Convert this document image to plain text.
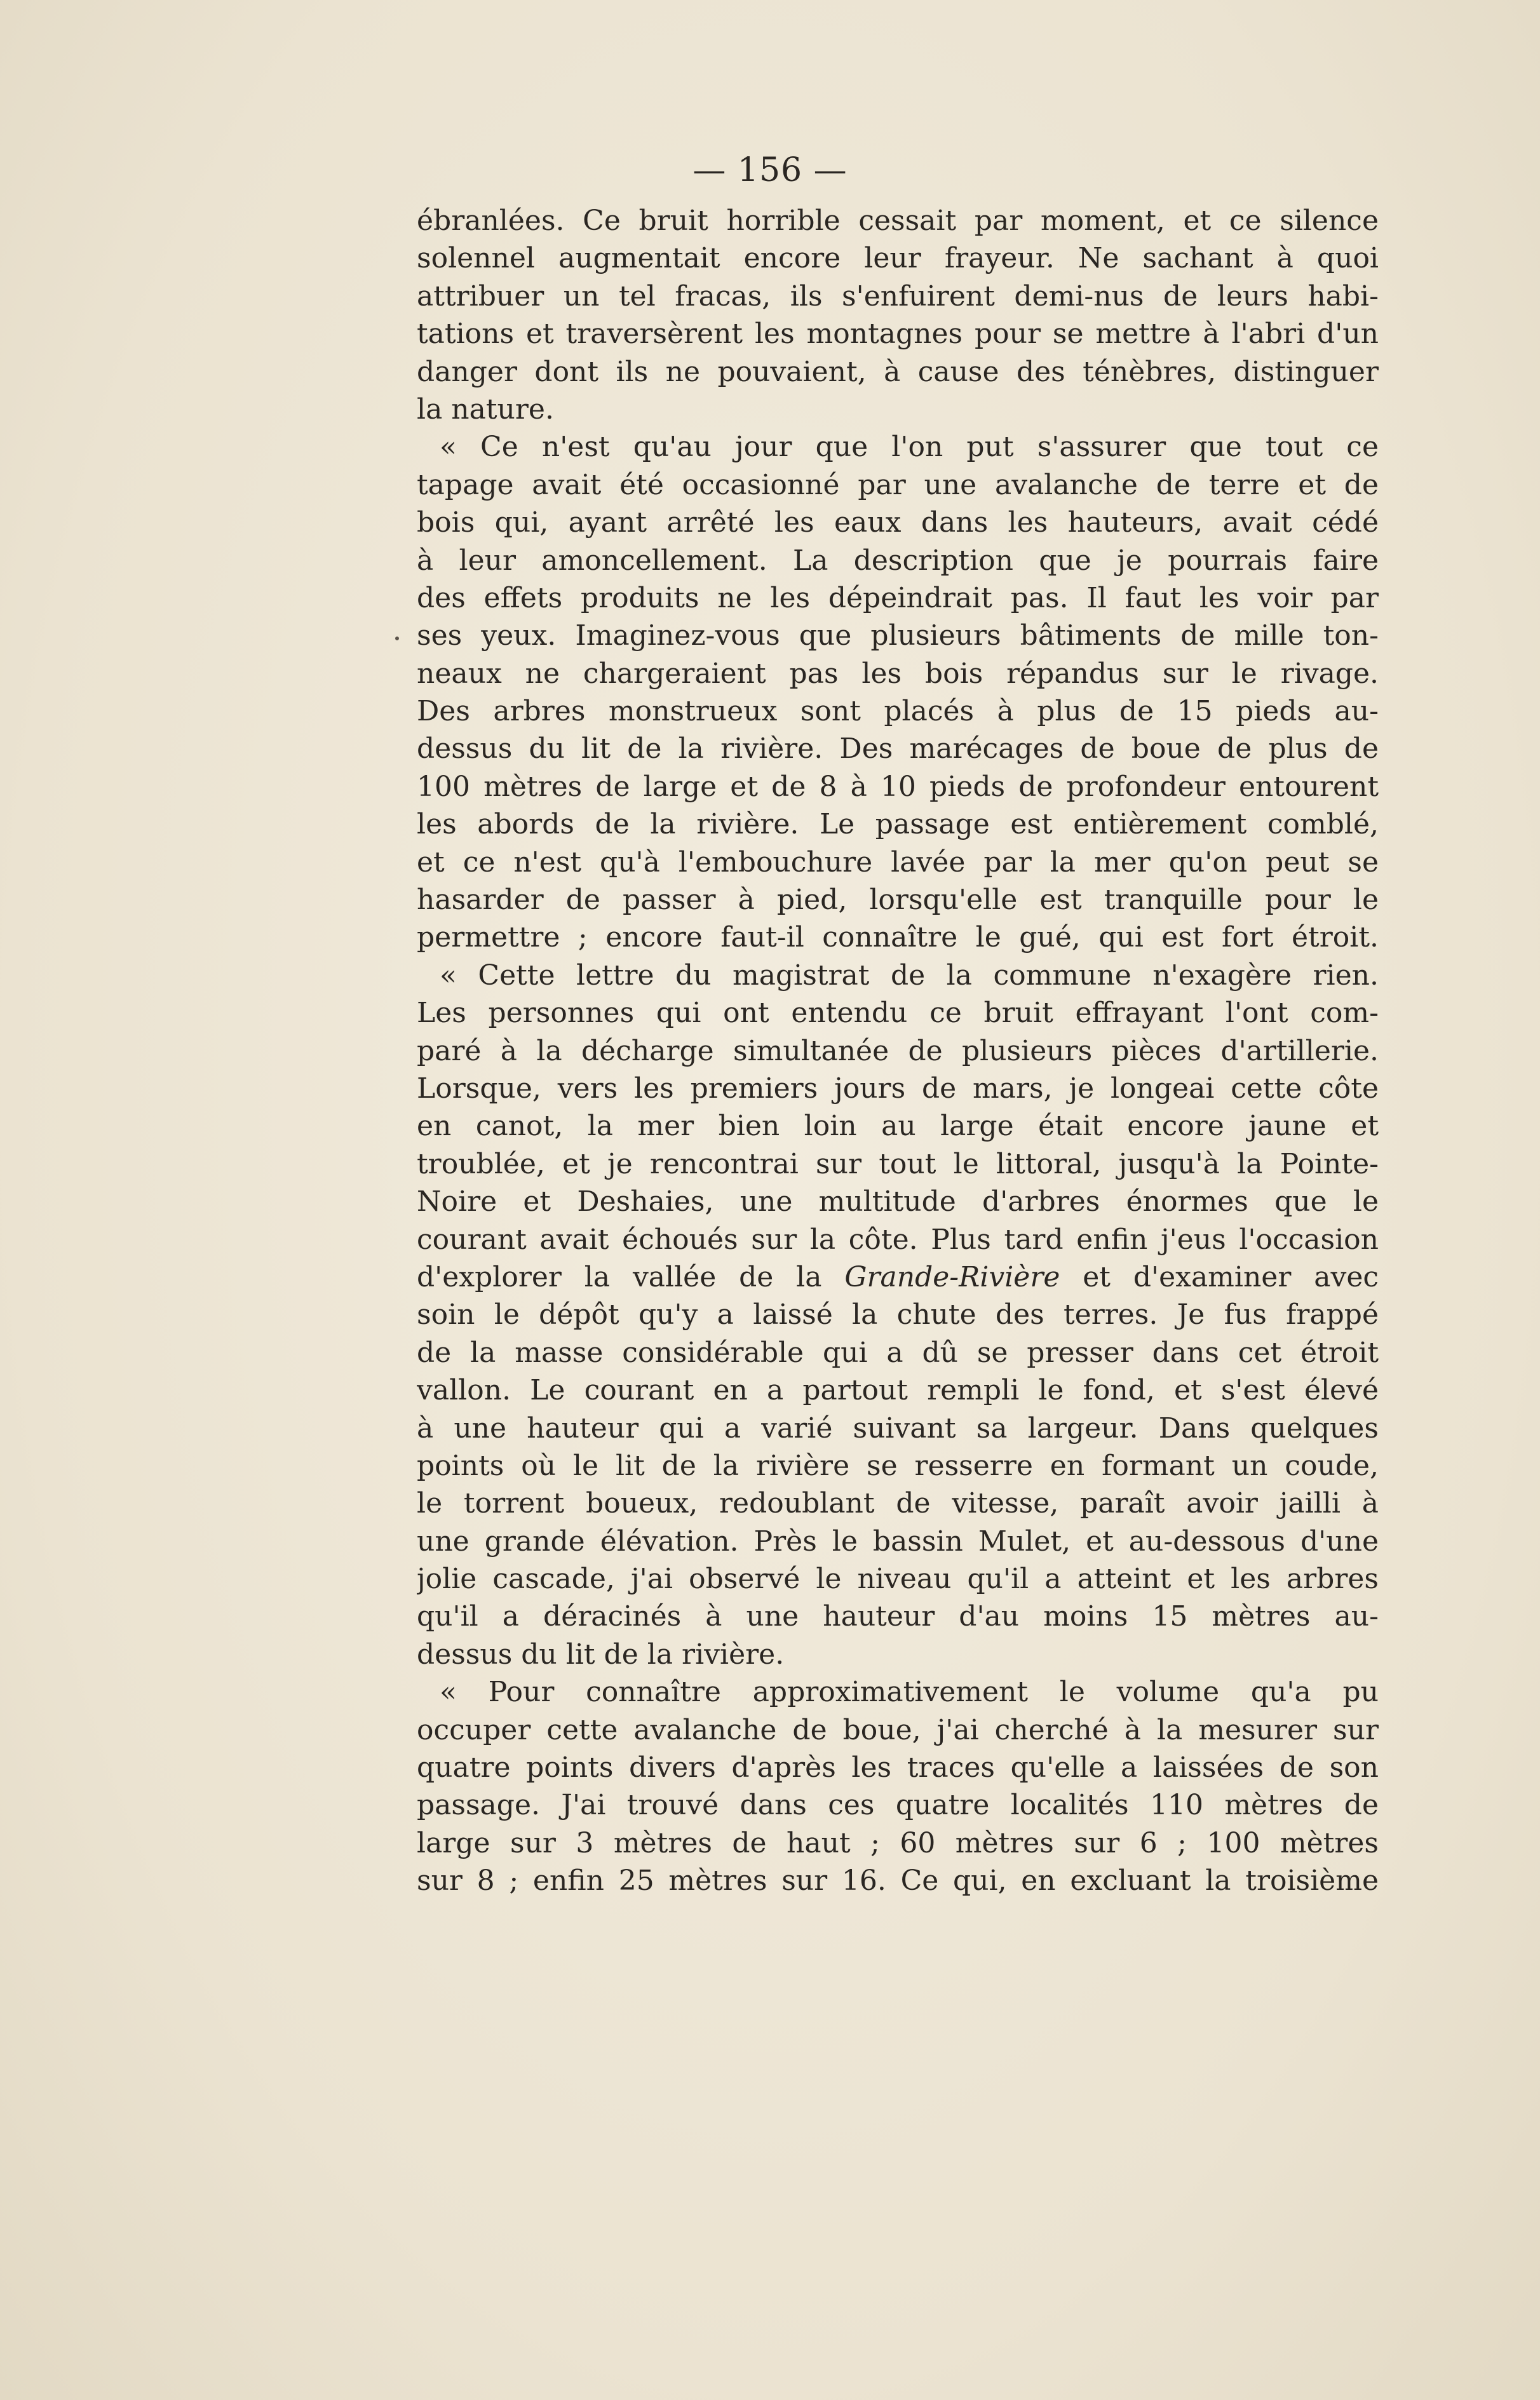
— 156 —
ébranlées. Ce bruit horrible cessait par moment, et ce silence
solennel augmentait encore leur frayeur. Ne sachant à quoi
attribuer un tel fracas, ils s'enfuirent demi-nus de leurs habi-
tations et traversèrent les montagnes pour se mettre à l'abri d'un
danger dont ils ne pouvaient, à cause des ténèbres, distinguer
la nature.
« Ce n'est qu'au jour que l'on put s'assurer que tout ce
tapage avait été occasionné par une avalanche de terre et de
bois qui, ayant arrêté les eaux dans les hauteurs, avait cédé
à leur amoncellement. La description que je pourrais faire
des effets produits ne les dépeindrait pas. Il faut les voir par
ses yeux. Imaginez-vous que plusieurs bâtiments de mille ton-
neaux ne chargeraient pas les bois répandus sur le rivage.
Des arbres monstrueux sont placés à plus de 15 pieds au-
dessus du lit de la rivière. Des marécages de boue de plus de
100 mètres de large et de 8 à 10 pieds de profondeur entourent
les abords de la rivière. Le passage est entièrement comblé,
et ce n'est qu'à l'embouchure lavée par la mer qu'on peut se
hasarder de passer à pied, lorsqu'elle est tranquille pour le
permettre ; encore faut-il connaître le gué, qui est fort étroit.
« Cette lettre du magistrat de la commune n'exagère rien.
Les personnes qui ont entendu ce bruit effrayant l'ont com-
paré à la décharge simultanée de plusieurs pièces d'artillerie.
Lorsque, vers les premiers jours de mars, je longeai cette côte
en canot, la mer bien loin au large était encore jaune et
troublée, et je rencontrai sur tout le littoral, jusqu'à la Pointe-
Noire et Deshaies, une multitude d'arbres énormes que le
courant avait échoués sur la côte. Plus tard enfin j'eus l'occasion
d'explorer la vallée de la Grande-Rivière et d'examiner avec
soin le dépôt qu'y a laissé la chute des terres. Je fus frappé
de la masse considérable qui a dû se presser dans cet étroit
vallon. Le courant en a partout rempli le fond, et s'est élevé
à une hauteur qui a varié suivant sa largeur. Dans quelques
points où le lit de la rivière se resserre en formant un coude,
le torrent boueux, redoublant de vitesse, paraît avoir jailli à
une grande élévation. Près le bassin Mulet, et au-dessous d'une
jolie cascade, j'ai observé le niveau qu'il a atteint et les arbres
qu'il a déracinés à une hauteur d'au moins 15 mètres au-
dessus du lit de la rivière.
« Pour connaître approximativement le volume qu'a pu
occuper cette avalanche de boue, j'ai cherché à la mesurer sur
quatre points divers d'après les traces qu'elle a laissées de son
passage. J'ai trouvé dans ces quatre localités 110 mètres de
large sur 3 mètres de haut ; 60 mètres sur 6 ; 100 mètres
sur 8 ; enfin 25 mètres sur 16. Ce qui, en excluant la troisième
